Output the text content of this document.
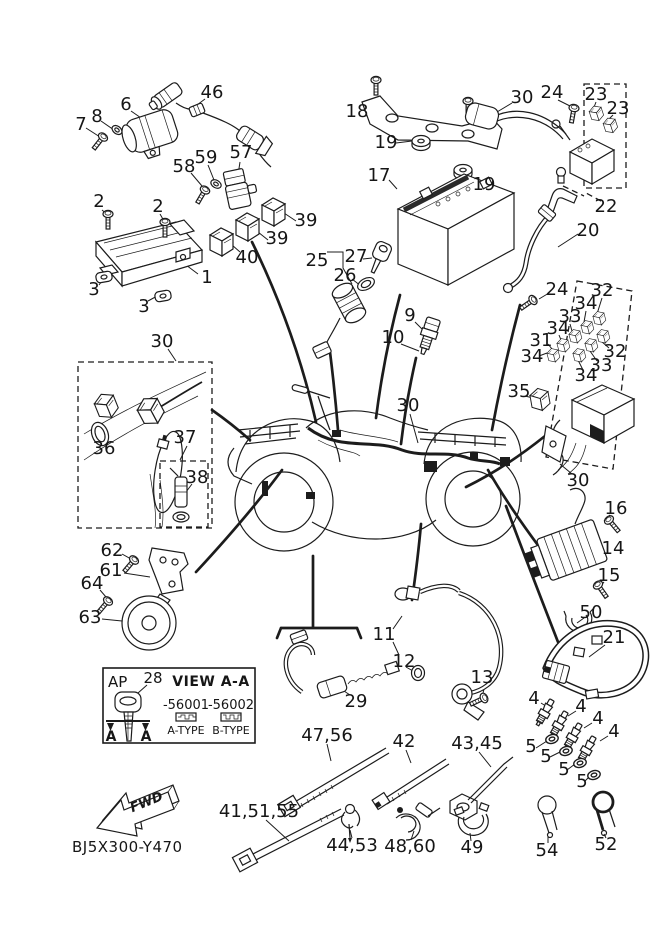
FWD
BJ5X300-Y470
AP 28
A A
VIEW A-A
-56001
-56002
A-TYPE B-TYPE
7 8
6
46
58 59 57
2	2
1
3
3
39
39
40	25 27
26
9
10
18
19
17	19
30 24 23
23
22
20
24 32
34
33
34
31
34	32
33
34
35
30
30
36
37
38
30
16
14
15
50
62
61
64
63
29
11
12
13
21
4 4
4
4
5 5
5
5
47,56 42 43,45
41,51,55
44,53 48,60 49	54 52
